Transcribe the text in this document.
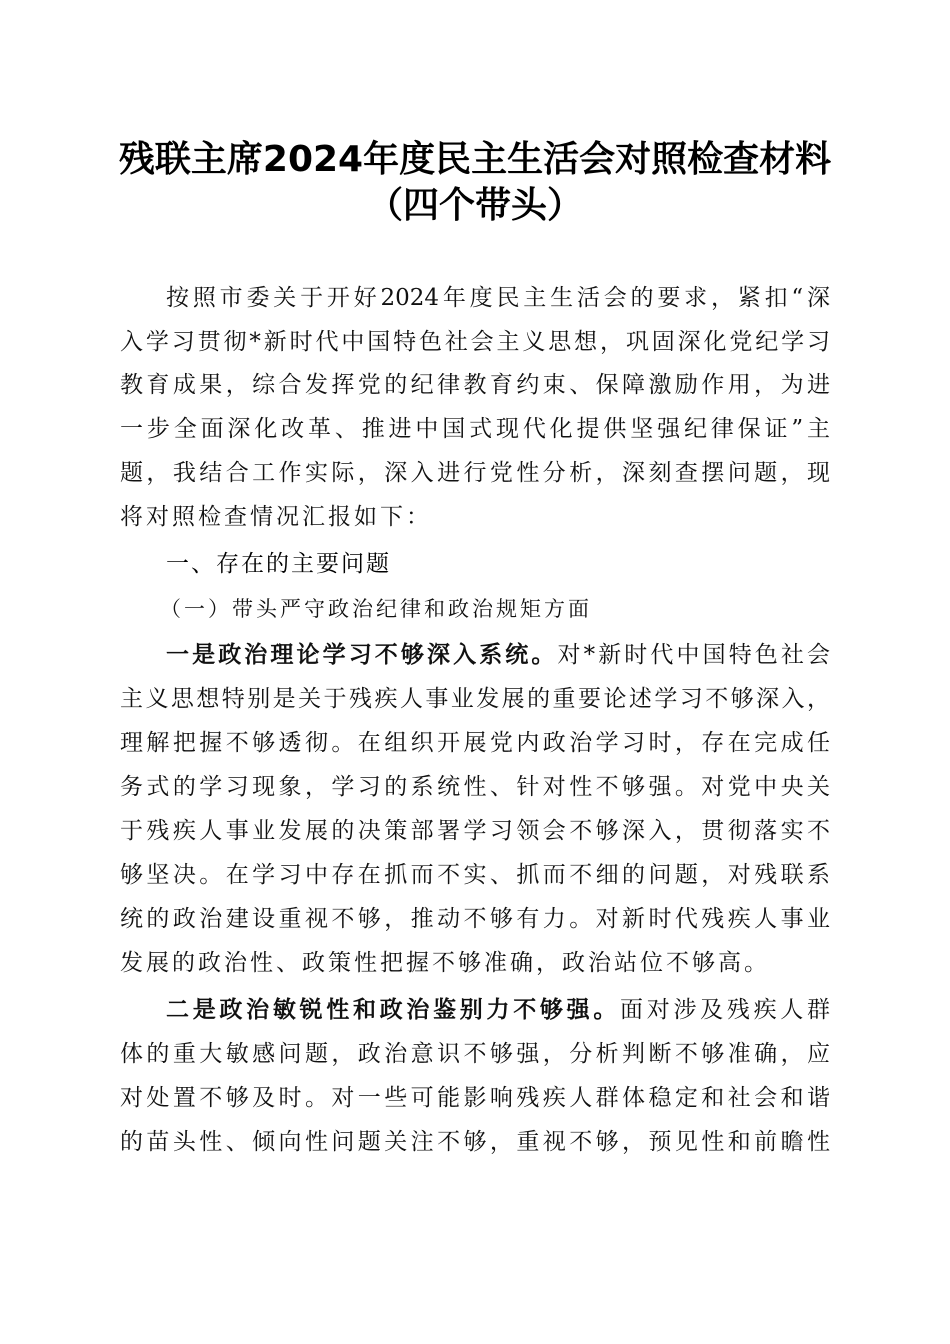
残联主席2024年度民主生活会对照检查材料
（四个带头）
按照市委关于开好2024年度民主生活会的要求，紧扣“深
入学习贯彻*新时代中国特色社会主义思想，巩固深化党纪学习
教育成果，综合发挥党的纪律教育约束、保障激励作用，为进
一步全面深化改革、推进中国式现代化提供坚强纪律保证”主
题，我结合工作实际，深入进行党性分析，深刻查摆问题，现
将对照检查情况汇报如下：
一、存在的主要问题
（一）带头严守政治纪律和政治规矩方面
一是政治理论学习不够深入系统。对*新时代中国特色社会
主义思想特别是关于残疾人事业发展的重要论述学习不够深入，
理解把握不够透彻。在组织开展党内政治学习时，存在完成任
务式的学习现象，学习的系统性、针对性不够强。对党中央关
于残疾人事业发展的决策部署学习领会不够深入，贯彻落实不
够坚决。在学习中存在抓而不实、抓而不细的问题，对残联系
统的政治建设重视不够，推动不够有力。对新时代残疾人事业
发展的政治性、政策性把握不够准确，政治站位不够高。
二是政治敏锐性和政治鉴别力不够强。面对涉及残疾人群
体的重大敏感问题，政治意识不够强，分析判断不够准确，应
对处置不够及时。对一些可能影响残疾人群体稳定和社会和谐
的苗头性、倾向性问题关注不够，重视不够，预见性和前瞻性
